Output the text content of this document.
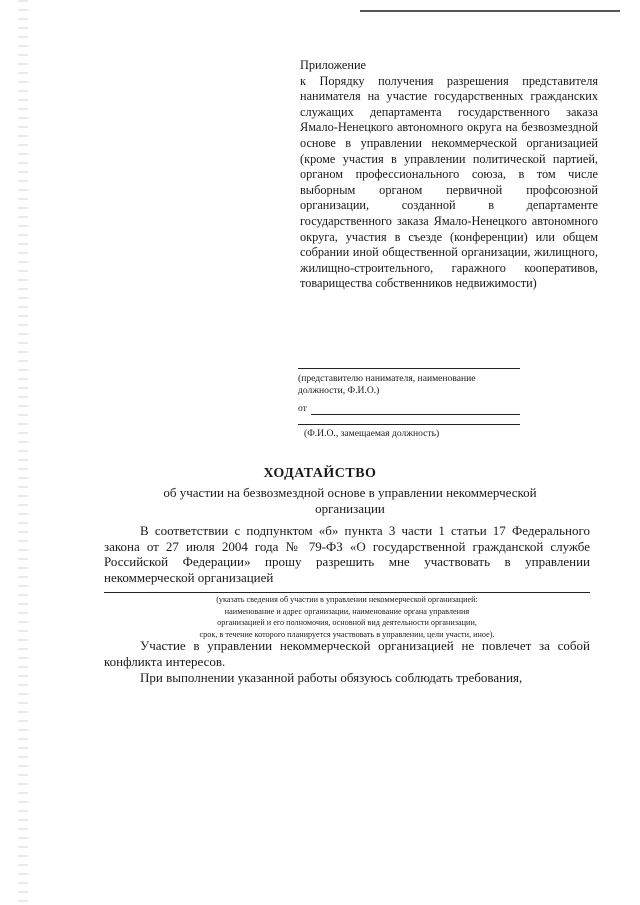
Приложение

к Порядку получения разрешения представителя нанимателя на участие государственных гражданских служащих департамента государственного заказа Ямало-Ненецкого автономного округа на безвозмездной основе в управлении некоммерческой организацией (кроме участия в управлении политической партией, органом профессионального союза, в том числе выборным органом первичной профсоюзной организации, созданной в департаменте государственного заказа Ямало-Ненецкого автономного округа, участия в съезде (конференции) или общем собрании иной общественной организации, жилищного, жилищно-строительного, гаражного кооперативов, товарищества собственников недвижимости)

(представителю нанимателя, наименование должности, Ф.И.О.)
от
(Ф.И.О., замещаемая должность)
ХОДАТАЙСТВО
об участии на безвозмездной основе в управлении некоммерческой организации

В соответствии с подпунктом «б» пункта 3 части 1 статьи 17 Федерального закона от 27 июля 2004 года № 79-ФЗ «О государственной гражданской службе Российской Федерации» прошу разрешить мне участвовать в управлении некоммерческой организацией

(указать сведения об участии в управлении некоммерческой организацией:
наименование и адрес организации, наименование органа управления
организацией и его полномочия, основной вид деятельности организации,
срок, в течение которого планируется участвовать в управлении, цели участи, иное).

Участие в управлении некоммерческой организацией не повлечет за собой конфликта интересов.

При выполнении указанной работы обязуюсь соблюдать требования,
